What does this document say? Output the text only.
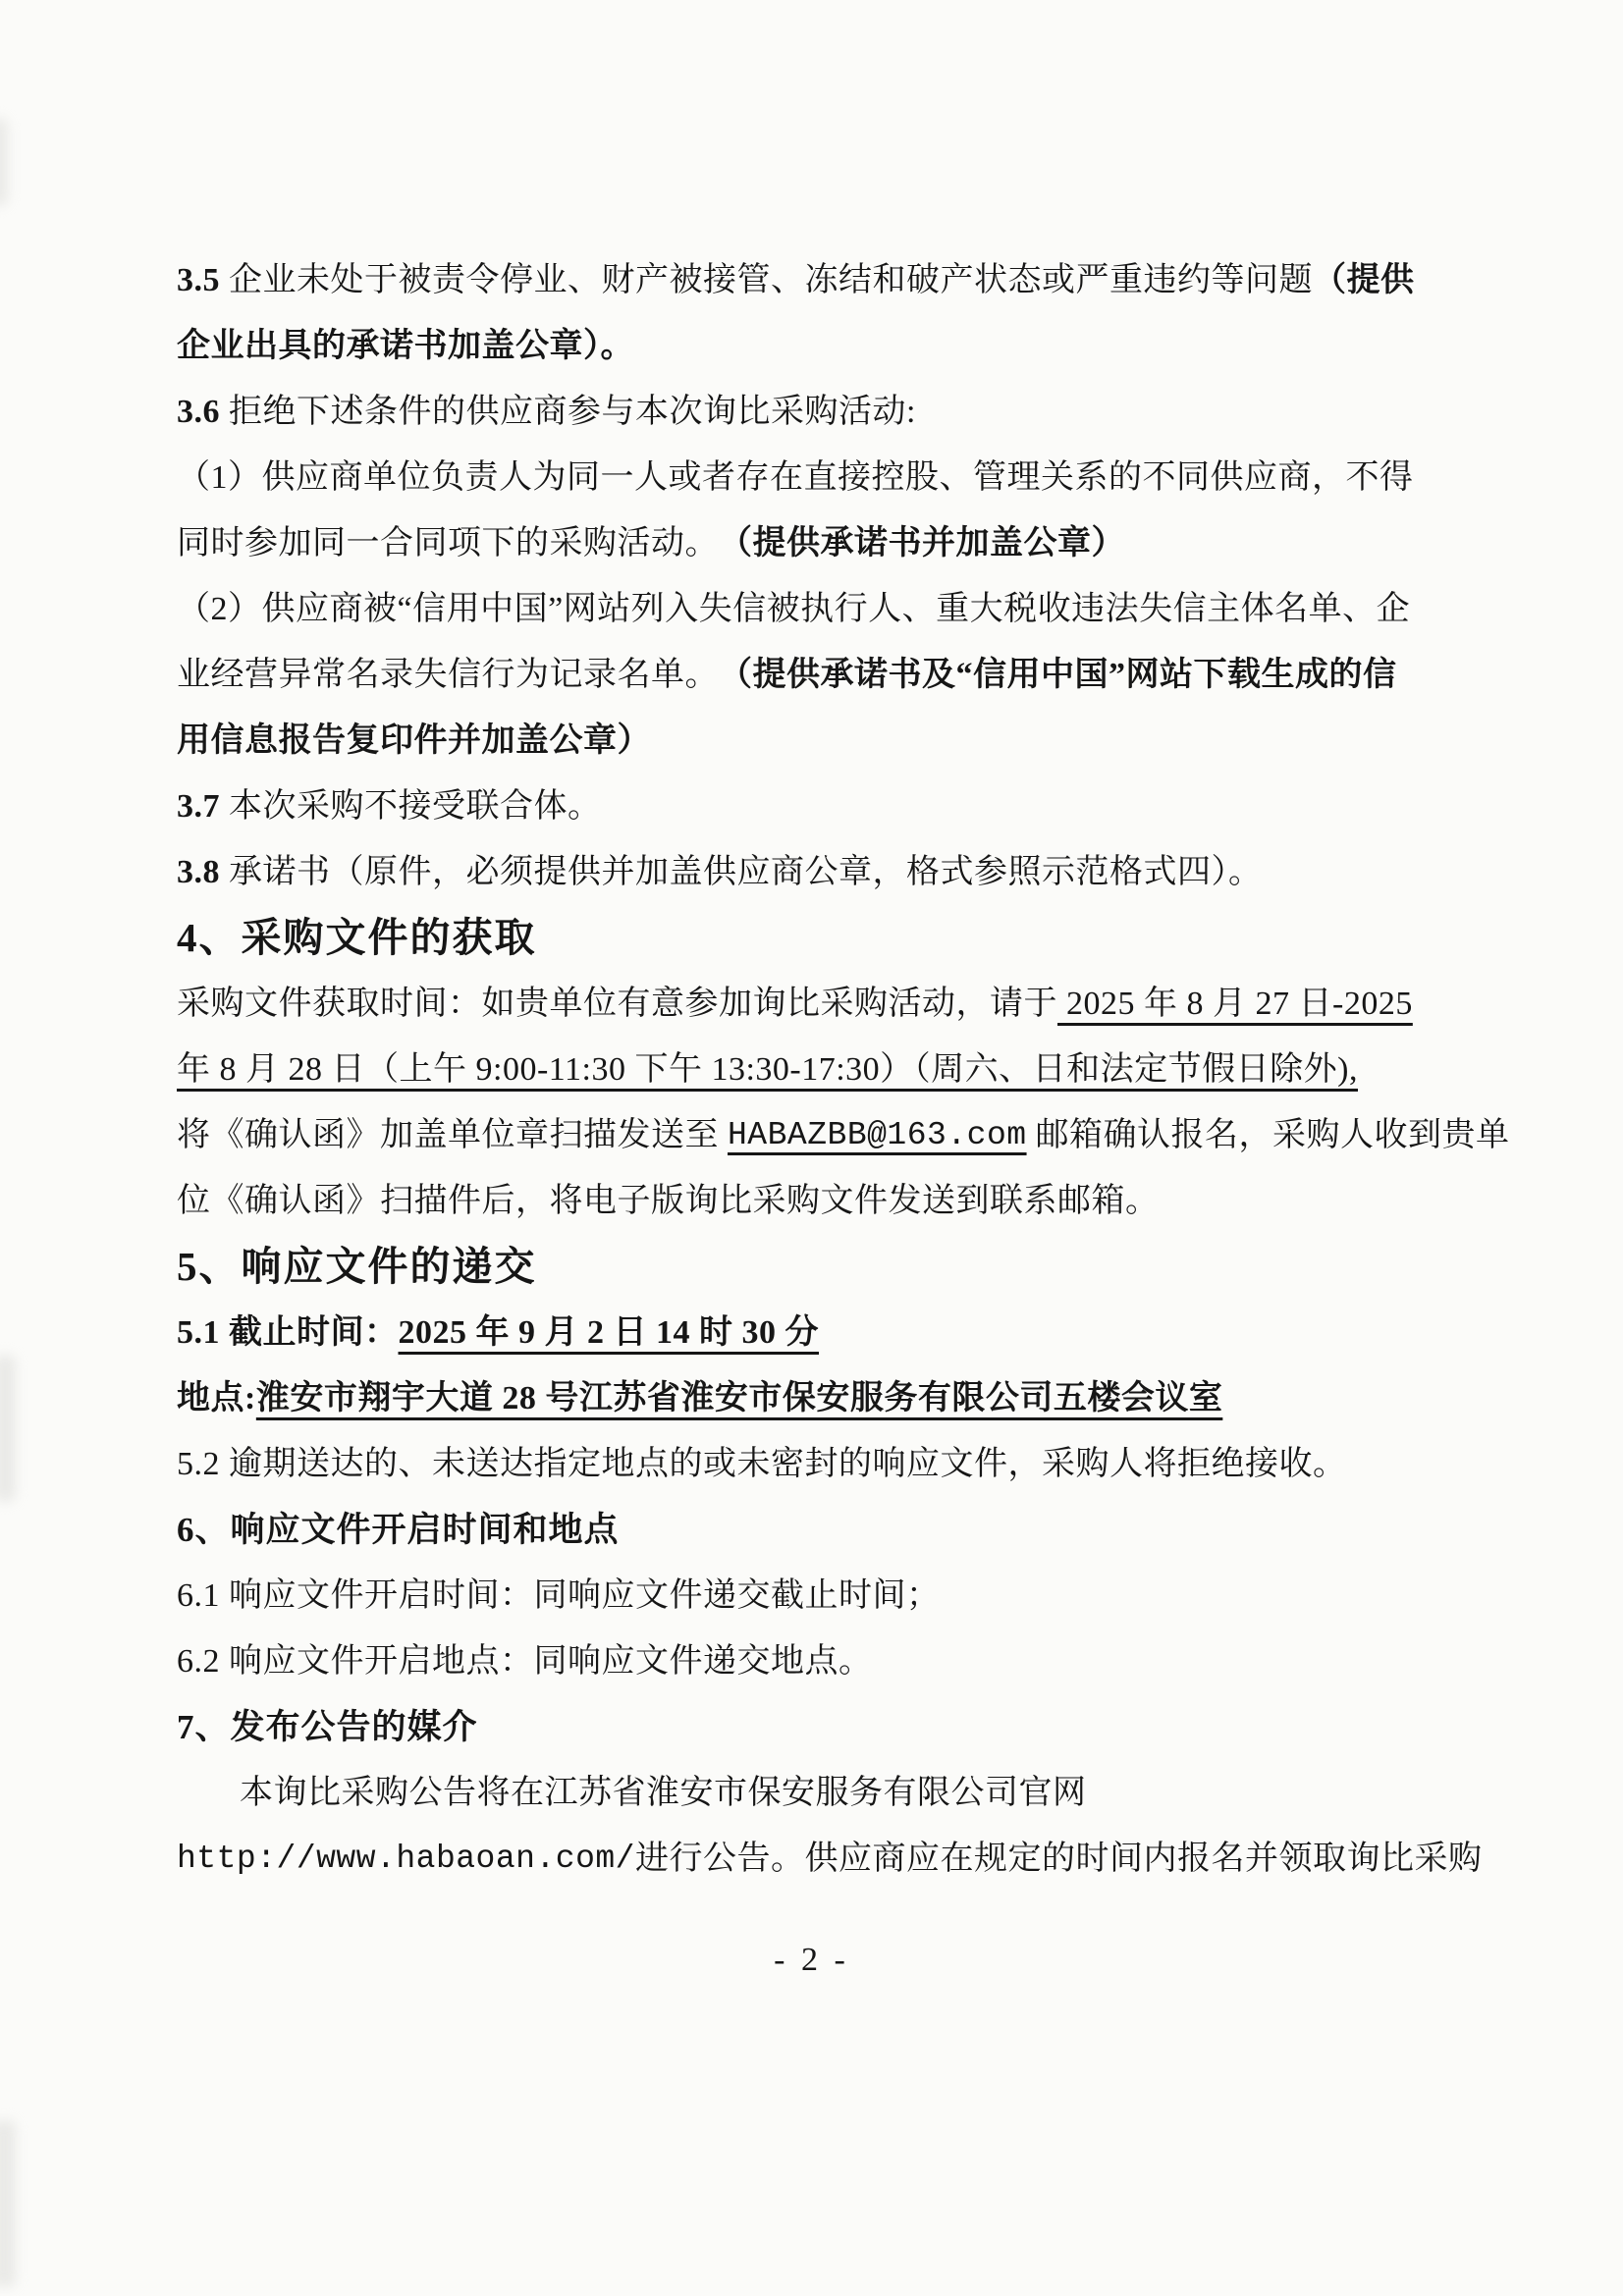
3.5 企业未处于被责令停业、财产被接管、冻结和破产状态或严重违约等问题 （提供
企业出具的承诺书加盖公章）。
3.6 拒绝下述条件的供应商参与本次询比采购活动:
（1）供应商单位负责人为同一人或者存在直接控股、管理关系的不同供应商，不得
同时参加同一合同项下的采购活动。 （提供承诺书并加盖公章）
（2）供应商被“信用中国”网站列入失信被执行人、重大税收违法失信主体名单、企
业经营异常名录失信行为记录名单。 （提供承诺书及“信用中国”网站下载生成的信
用信息报告复印件并加盖公章）
3.7 本次采购不接受联合体。
3.8 承诺书（原件，必须提供并加盖供应商公章，格式参照示范格式四）。
4、采购文件的获取
采购文件获取时间：如贵单位有意参加询比采购活动，请于 2025 年 8 月 27 日-2025
年 8 月 28 日（上午 9:00-11:30 下午 13:30-17:30）（周六、日和法定节假日除外),
将《确认函》加盖单位章扫描发送至 HABAZBB@163.com 邮箱确认报名，采购人收到贵单
位《确认函》扫描件后，将电子版询比采购文件发送到联系邮箱。
5、响应文件的递交
5.1 截止时间： 2025 年 9 月 2 日 14 时 30 分
地点: 淮安市翔宇大道 28 号江苏省淮安市保安服务有限公司五楼会议室
5.2 逾期送达的、未送达指定地点的或未密封的响应文件，采购人将拒绝接收。
6、响应文件开启时间和地点
6.1 响应文件开启时间：同响应文件递交截止时间；
6.2 响应文件开启地点：同响应文件递交地点。
7、发布公告的媒介
本询比采购公告将在江苏省淮安市保安服务有限公司官网
http://www.habaoan.com/ 进行公告。供应商应在规定的时间内报名并领取询比采购
- 2 -
